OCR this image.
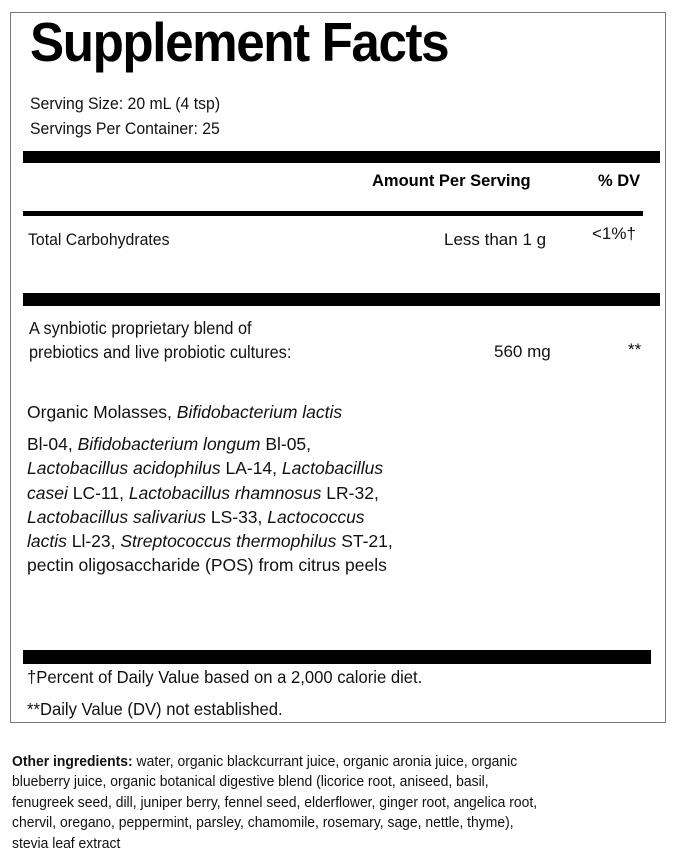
Supplement Facts
Serving Size: 20 mL (4 tsp)
Servings Per Container: 25
Amount Per Serving	% DV
Total Carbohydrates	Less than 1 g	<1%†
A synbiotic proprietary blend of
prebiotics and live probiotic cultures:	560 mg	**
Organic Molasses, Bifidobacterium lactis
Bl-04, Bifidobacterium longum Bl-05, Lactobacillus acidophilus LA-14, Lactobacillus casei LC-11, Lactobacillus rhamnosus LR-32, Lactobacillus salivarius LS-33, Lactococcus lactis Ll-23, Streptococcus thermophilus ST-21, pectin oligosaccharide (POS) from citrus peels
†Percent of Daily Value based on a 2,000 calorie diet.
**Daily Value (DV) not established.
Other ingredients: water, organic blackcurrant juice, organic aronia juice, organic blueberry juice, organic botanical digestive blend (licorice root, aniseed, basil, fenugreek seed, dill, juniper berry, fennel seed, elderflower, ginger root, angelica root, chervil, oregano, peppermint, parsley, chamomile, rosemary, sage, nettle, thyme), stevia leaf extract
